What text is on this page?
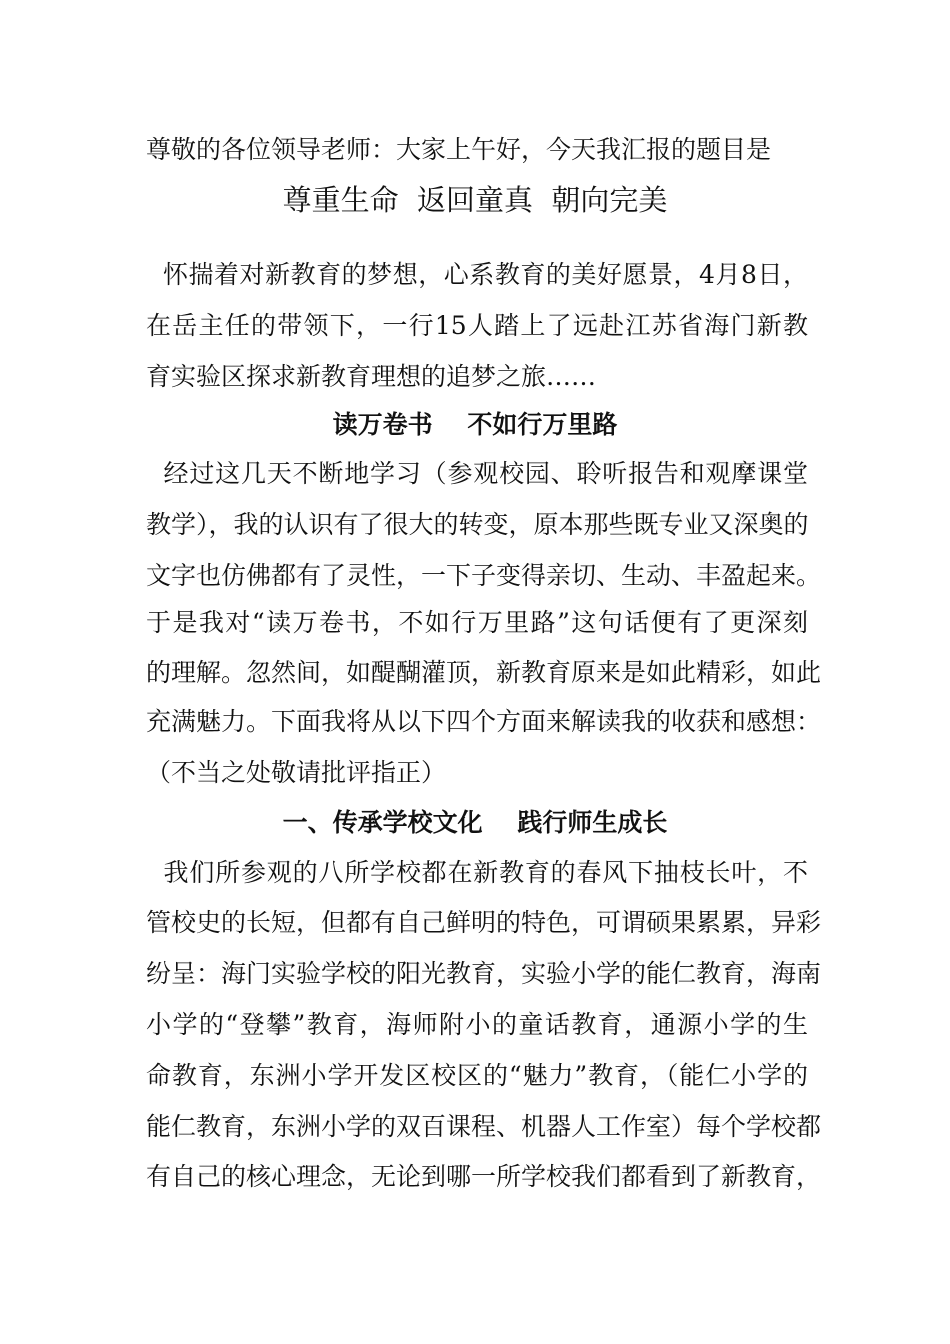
尊敬的各位领导老师：大家上午好，今天我汇报的题目是
尊重生命  返回童真  朝向完美
怀揣着对新教育的梦想，心系教育的美好愿景，4月8日，
在岳主任的带领下，一行15人踏上了远赴江苏省海门新教
育实验区探求新教育理想的追梦之旅……
读万卷书    不如行万里路
经过这几天不断地学习（参观校园、聆听报告和观摩课堂
教学），我的认识有了很大的转变，原本那些既专业又深奥的
文字也仿佛都有了灵性，一下子变得亲切、生动、丰盈起来。
于是我对“读万卷书，不如行万里路”这句话便有了更深刻
的理解。忽然间，如醍醐灌顶，新教育原来是如此精彩，如此
充满魅力。下面我将从以下四个方面来解读我的收获和感想：
（不当之处敬请批评指正）
一、传承学校文化    践行师生成长
我们所参观的八所学校都在新教育的春风下抽枝长叶，不
管校史的长短，但都有自己鲜明的特色，可谓硕果累累，异彩
纷呈：海门实验学校的阳光教育，实验小学的能仁教育，海南
小学的“登攀”教育，海师附小的童话教育，通源小学的生
命教育，东洲小学开发区校区的“魅力”教育，（能仁小学的
能仁教育，东洲小学的双百课程、机器人工作室）每个学校都
有自己的核心理念，无论到哪一所学校我们都看到了新教育，
